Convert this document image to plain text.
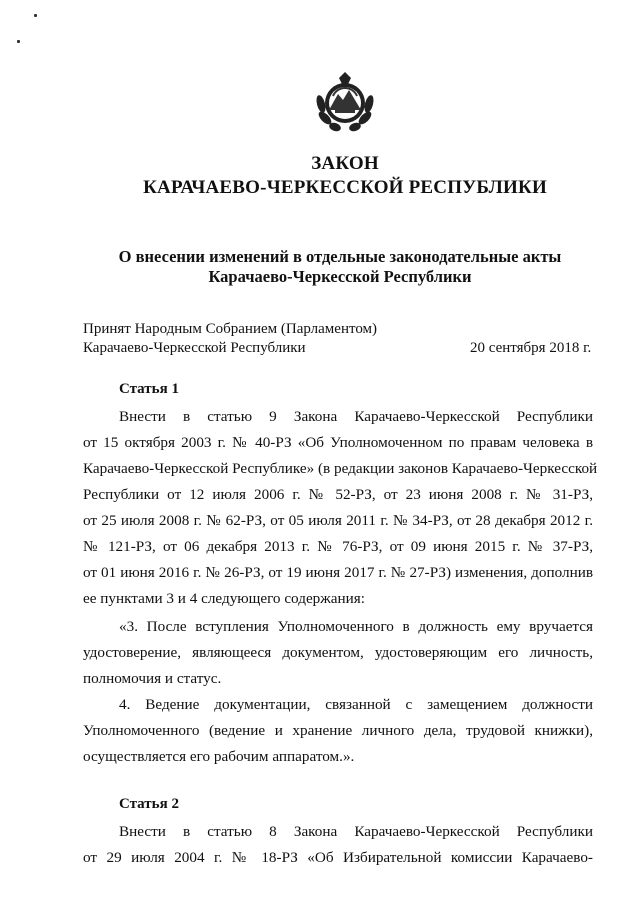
ЗАКОН
КАРАЧАЕВО-ЧЕРКЕССКОЙ РЕСПУБЛИКИ
О внесении изменений в отдельные законодательные акты
Карачаево-Черкесской Республики
Принят Народным Собранием (Парламентом)
Карачаево-Черкесской Республики	20 сентября 2018 г.
Статья 1
Внести в статью 9 Закона Карачаево-Черкесской Республики
от 15 октября 2003 г. № 40-РЗ «Об Уполномоченном по правам человека в
Карачаево-Черкесской Республике» (в редакции законов Карачаево-Черкесской
Республики от 12 июля 2006 г. № 52-РЗ, от 23 июня 2008 г. № 31-РЗ,
от 25 июля 2008 г. № 62-РЗ, от 05 июля 2011 г. № 34-РЗ, от 28 декабря 2012 г.
№ 121-РЗ, от 06 декабря 2013 г. № 76-РЗ, от 09 июня 2015 г. № 37-РЗ,
от 01 июня 2016 г. № 26-РЗ, от 19 июня 2017 г. № 27-РЗ) изменения, дополнив
ее пунктами 3 и 4 следующего содержания:
«3. После вступления Уполномоченного в должность ему вручается
удостоверение, являющееся документом, удостоверяющим его личность,
полномочия и статус.
4. Ведение документации, связанной с замещением должности
Уполномоченного (ведение и хранение личного дела, трудовой книжки),
осуществляется его рабочим аппаратом.».
Статья 2
Внести в статью 8 Закона Карачаево-Черкесской Республики
от 29 июля 2004 г. № 18-РЗ «Об Избирательной комиссии Карачаево-
